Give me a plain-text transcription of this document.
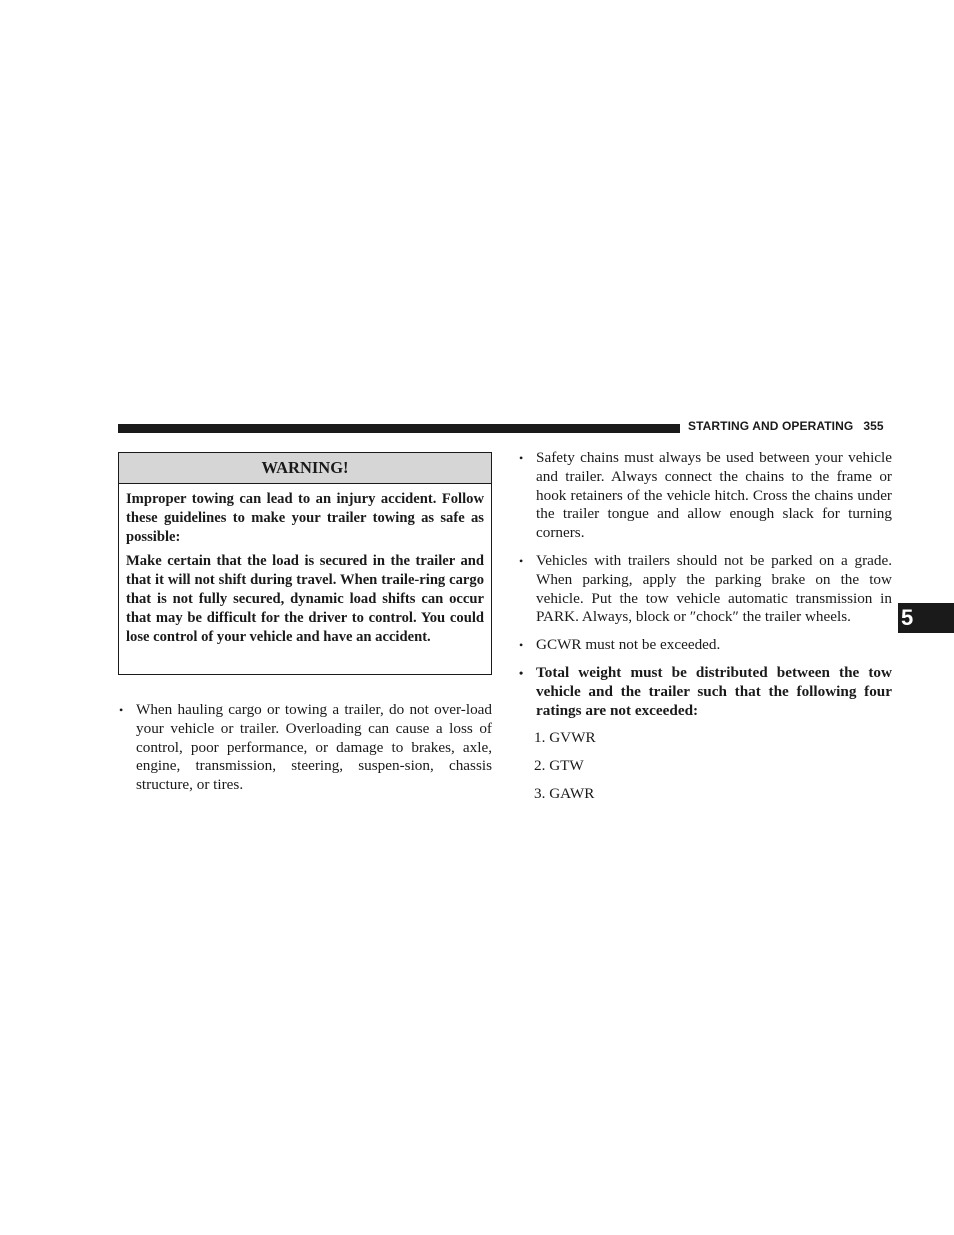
STARTING AND OPERATING 355
5
WARNING!

Improper towing can lead to an injury accident. Follow these guidelines to make your trailer towing as safe as possible:

Make certain that the load is secured in the trailer and that it will not shift during travel. When traile-ring cargo that is not fully secured, dynamic load shifts can occur that may be difficult for the driver to control. You could lose control of your vehicle and have an accident.

• When hauling cargo or towing a trailer, do not over-load your vehicle or trailer. Overloading can cause a loss of control, poor performance, or damage to brakes, axle, engine, transmission, steering, suspen-sion, chassis structure, or tires.
• Safety chains must always be used between your vehicle and trailer. Always connect the chains to the frame or hook retainers of the vehicle hitch. Cross the chains under the trailer tongue and allow enough slack for turning corners.
• Vehicles with trailers should not be parked on a grade. When parking, apply the parking brake on the tow vehicle. Put the tow vehicle automatic transmission in PARK. Always, block or ″chock″ the trailer wheels.
• GCWR must not be exceeded.
• Total weight must be distributed between the tow vehicle and the trailer such that the following four ratings are not exceeded:
1. GVWR
2. GTW
3. GAWR
